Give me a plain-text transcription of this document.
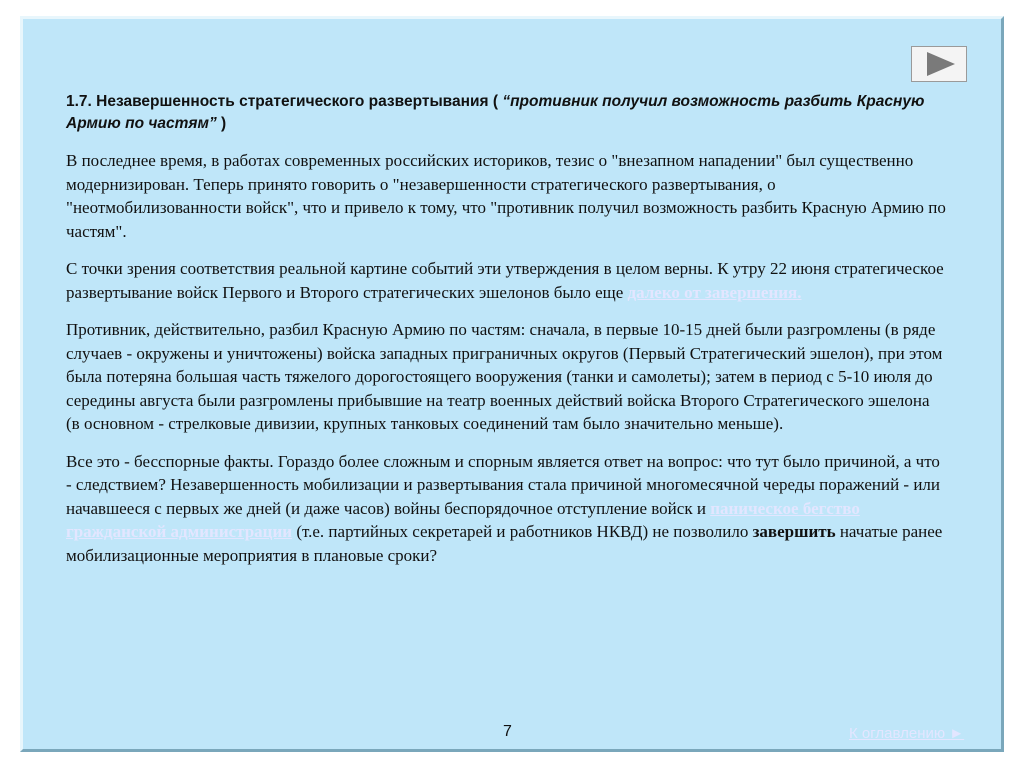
1.7. Незавершенность стратегического развертывания ( “противник получил возможность разбить Красную Армию по частям” )

В последнее время, в работах современных российских историков, тезис о "внезапном нападении" был существенно модернизирован. Теперь принято говорить о "незавершенности стратегического развертывания, о "неотмобилизованности войск", что и привело к тому, что "противник получил возможность разбить Красную Армию по частям".

С точки зрения соответствия реальной картине событий эти утверждения в целом верны. К утру 22 июня стратегическое развертывание войск Первого и Второго стратегических эшелонов было еще далеко от завершения.

Противник, действительно, разбил Красную Армию по частям: сначала, в первые 10-15 дней были разгромлены (в ряде случаев - окружены и уничтожены) войска западных приграничных округов (Первый Стратегический эшелон), при этом была потеряна большая часть тяжелого дорогостоящего вооружения (танки и самолеты); затем в период с 5-10 июля до середины августа были разгромлены прибывшие на театр военных действий войска Второго Стратегического эшелона (в основном - стрелковые дивизии, крупных танковых соединений там было значительно меньше).

Все это - бесспорные факты. Гораздо более сложным и спорным является ответ на вопрос: что тут было причиной, а что - следствием? Незавершенность мобилизации и развертывания стала причиной многомесячной череды поражений - или начавшееся с первых же дней (и даже часов) войны беспорядочное отступление войск и паническое бегство гражданской администрации (т.е. партийных секретарей и работников НКВД) не позволило завершить начатые ранее мобилизационные мероприятия в плановые сроки?

7	К оглавлению ►
